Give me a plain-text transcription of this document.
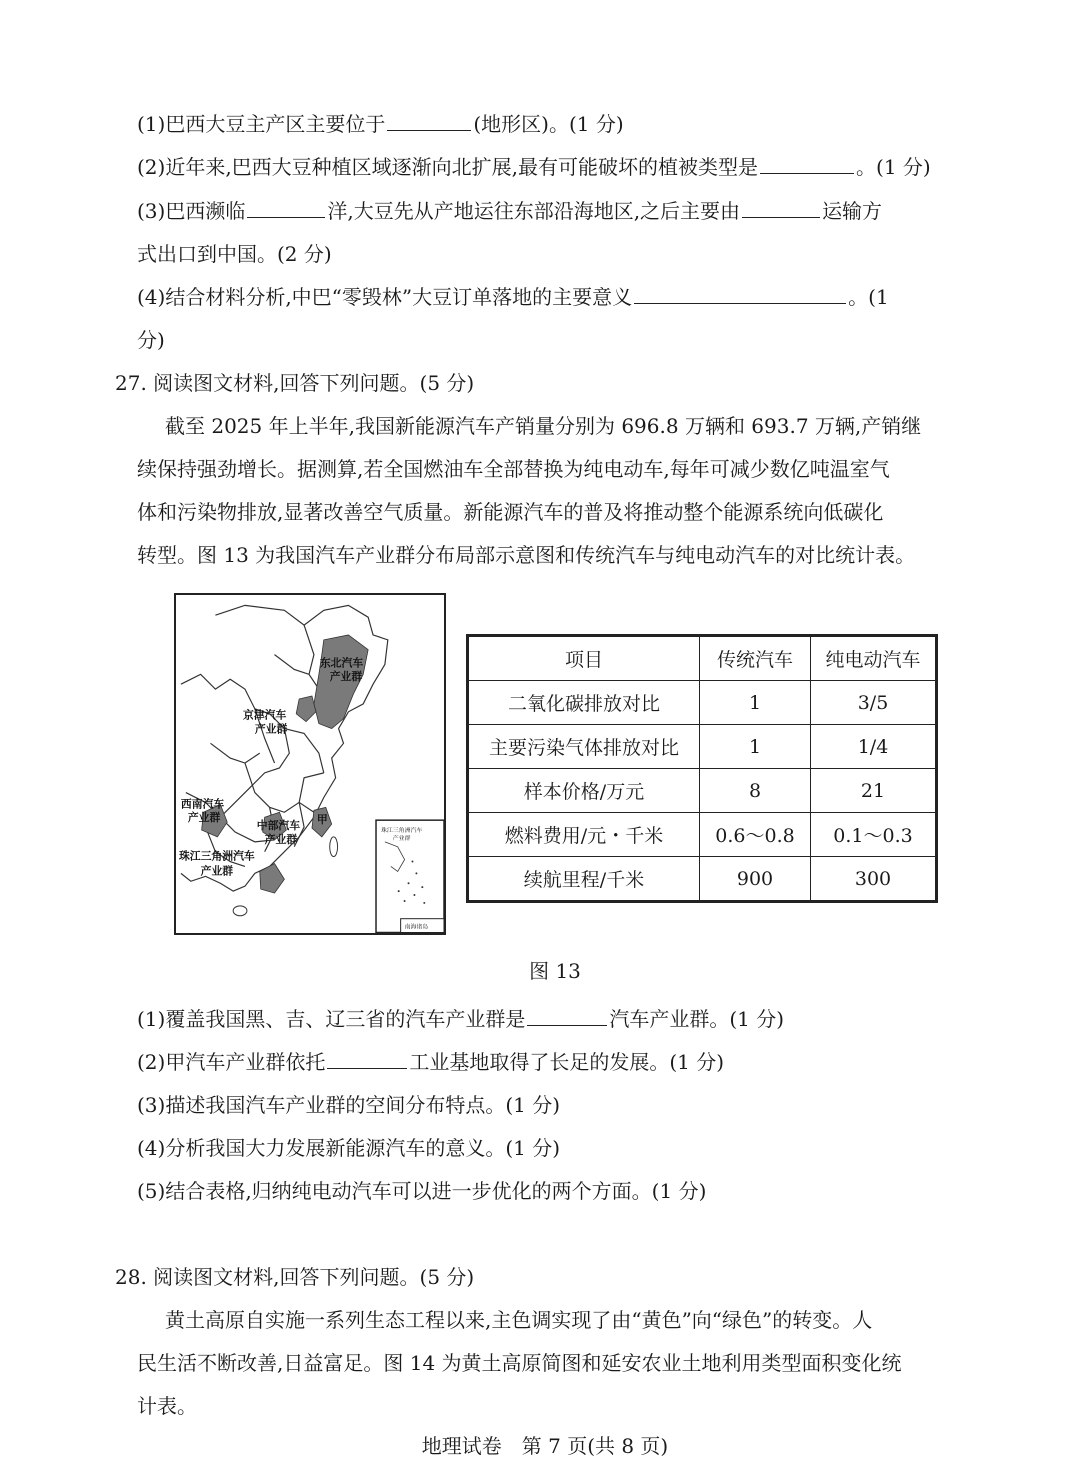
(1)巴西大豆主产区主要位于	(地形区)。(1 分)
(2)近年来,巴西大豆种植区域逐渐向北扩展,最有可能破坏的植被类型是	。(1 分)
(3)巴西濒临	洋,大豆先从产地运往东部沿海地区,之后主要由	运输方
式出口到中国。(2 分)
(4)结合材料分析,中巴“零毁林”大豆订单落地的主要意义	。(1
分)
27. 阅读图文材料,回答下列问题。(5 分)
截至 2025 年上半年,我国新能源汽车产销量分别为 696.8 万辆和 693.7 万辆,产销继
续保持强劲增长。据测算,若全国燃油车全部替换为纯电动车,每年可减少数亿吨温室气
体和污染物排放,显著改善空气质量。新能源汽车的普及将推动整个能源系统向低碳化
转型。图 13 为我国汽车产业群分布局部示意图和传统汽车与纯电动汽车的对比统计表。
东北汽车
产业群
京津汽车
产业群
甲
西南汽车
产业群
中部汽车
产业群
珠江三角洲汽车
产业群
珠江三角洲汽车
产业群
南海诸岛
项目	传统汽车	纯电动汽车
二氧化碳排放对比	1	3/5
主要污染气体排放对比	1	1/4
样本价格/万元	8	21
燃料费用/元・千米	0.6～0.8	0.1～0.3
续航里程/千米	900	300
图 13
(1)覆盖我国黑、吉、辽三省的汽车产业群是	汽车产业群。(1 分)
(2)甲汽车产业群依托	工业基地取得了长足的发展。(1 分)
(3)描述我国汽车产业群的空间分布特点。(1 分)
(4)分析我国大力发展新能源汽车的意义。(1 分)
(5)结合表格,归纳纯电动汽车可以进一步优化的两个方面。(1 分)
28. 阅读图文材料,回答下列问题。(5 分)
黄土高原自实施一系列生态工程以来,主色调实现了由“黄色”向“绿色”的转变。人
民生活不断改善,日益富足。图 14 为黄土高原简图和延安农业土地利用类型面积变化统
计表。
地理试卷　第 7 页(共 8 页)
